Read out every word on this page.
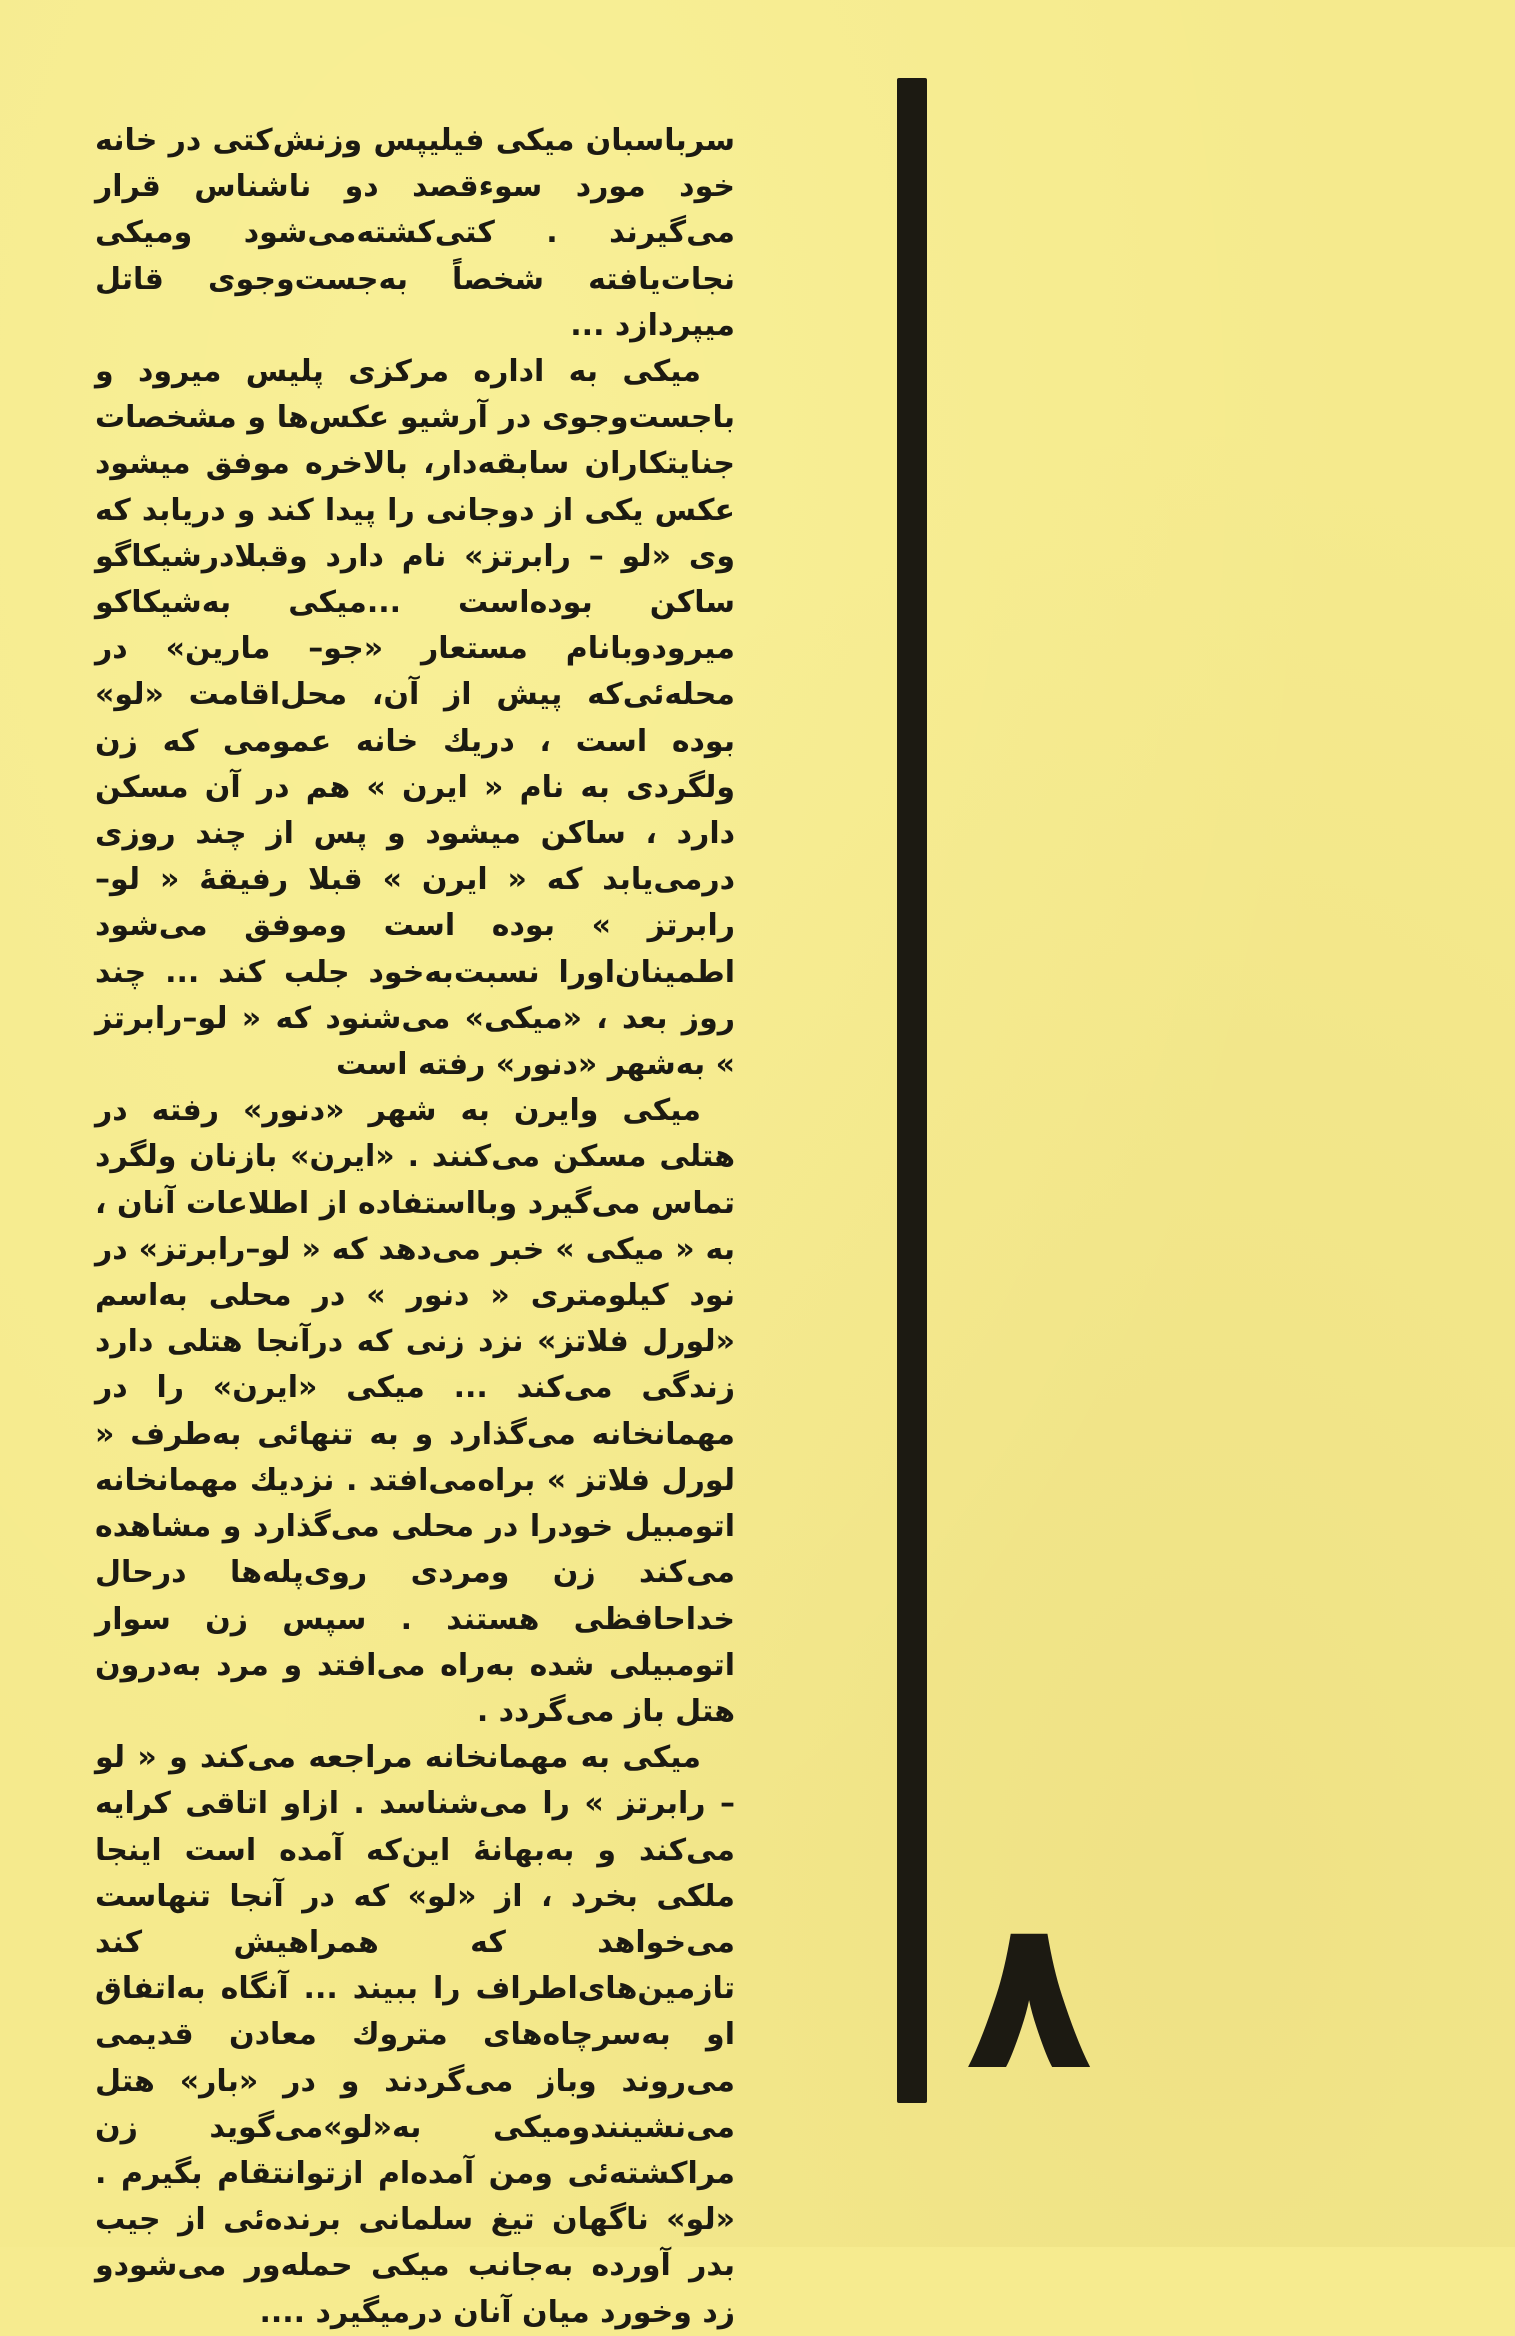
سرباسبان میکی فیلیپس وزنش‌کتی در خانه خود مورد سوءقصد دو ناشناس قرار می‌گیرند . کتی‌کشته‌می‌شود ومیکی نجات‌یافته شخصاً به‌جست‌وجوی قاتل میپردازد ...

میکی به اداره مرکزی پلیس میرود و باجست‌وجوی در آرشیو عکس‌ها و مشخصات جنایتکاران سابقه‌دار، بالاخره موفق میشود عکس یکی از دوجانی را پیدا کند و دریابد که وی «لو – رابرتز» نام دارد وقبلادرشیکاگو ساکن بوده‌است ...میکی به‌شیکاکو میرودوبانام مستعار «جو– مارین» در محله‌ئی‌که پیش از آن، محل‌اقامت «لو» بوده است ، دریك خانه عمومی که زن ولگردی به نام « ایرن » هم در آن مسکن دارد ، ساکن میشود و پس از چند روزی درمی‌یابد که « ایرن » قبلا رفیقهٔ « لو–رابرتز » بوده است وموفق می‌شود اطمینان‌اورا نسبت‌به‌خود جلب کند ... چند روز بعد ، «میکی» می‌شنود که « لو–رابرتز » به‌شهر «دنور» رفته است

میکی وایرن به شهر «دنور» رفته در هتلی مسکن می‌کنند . «ایرن» بازنان ولگرد تماس می‌گیرد وبااستفاده از اطلاعات آنان ، به « میکی » خبر می‌دهد که « لو–رابرتز» در نود کیلومتری « دنور » در محلی به‌اسم «لورل فلاتز» نزد زنی که درآنجا هتلی دارد زندگی می‌کند ... میکی «ایرن» را در مهمانخانه می‌گذارد و به تنهائی به‌طرف « لورل فلاتز » براه‌می‌افتد . نزدیك مهمانخانه اتومبیل خودرا در محلی می‌گذارد و مشاهده می‌کند زن ومردی روی‌پله‌ها درحال خداحافظی هستند . سپس زن سوار اتومبیلی شده به‌راه می‌افتد و مرد به‌درون هتل باز می‌گردد .

میکی به مهمانخانه مراجعه می‌کند و « لو – رابرتز » را می‌شناسد . ازاو اتاقی کرایه می‌کند و به‌بهانهٔ این‌که آمده است اینجا ملکی بخرد ، از «لو» که در آنجا تنهاست می‌خواهد که همراهیش کند تازمین‌های‌اطراف را ببیند ... آنگاه به‌اتفاق او به‌سرچاه‌های متروك معادن قدیمی می‌روند وباز می‌گردند و در «بار» هتل می‌نشینندومیکی به«لو»می‌گوید زن مراکشته‌ئی ومن آمده‌ام ازتوانتقام بگیرم . «لو» ناگهان تیغ سلمانی برنده‌ئی از جیب بدر آورده به‌جانب میکی حمله‌ور می‌شودو زد وخورد میان آنان درمیگیرد ....

۸
